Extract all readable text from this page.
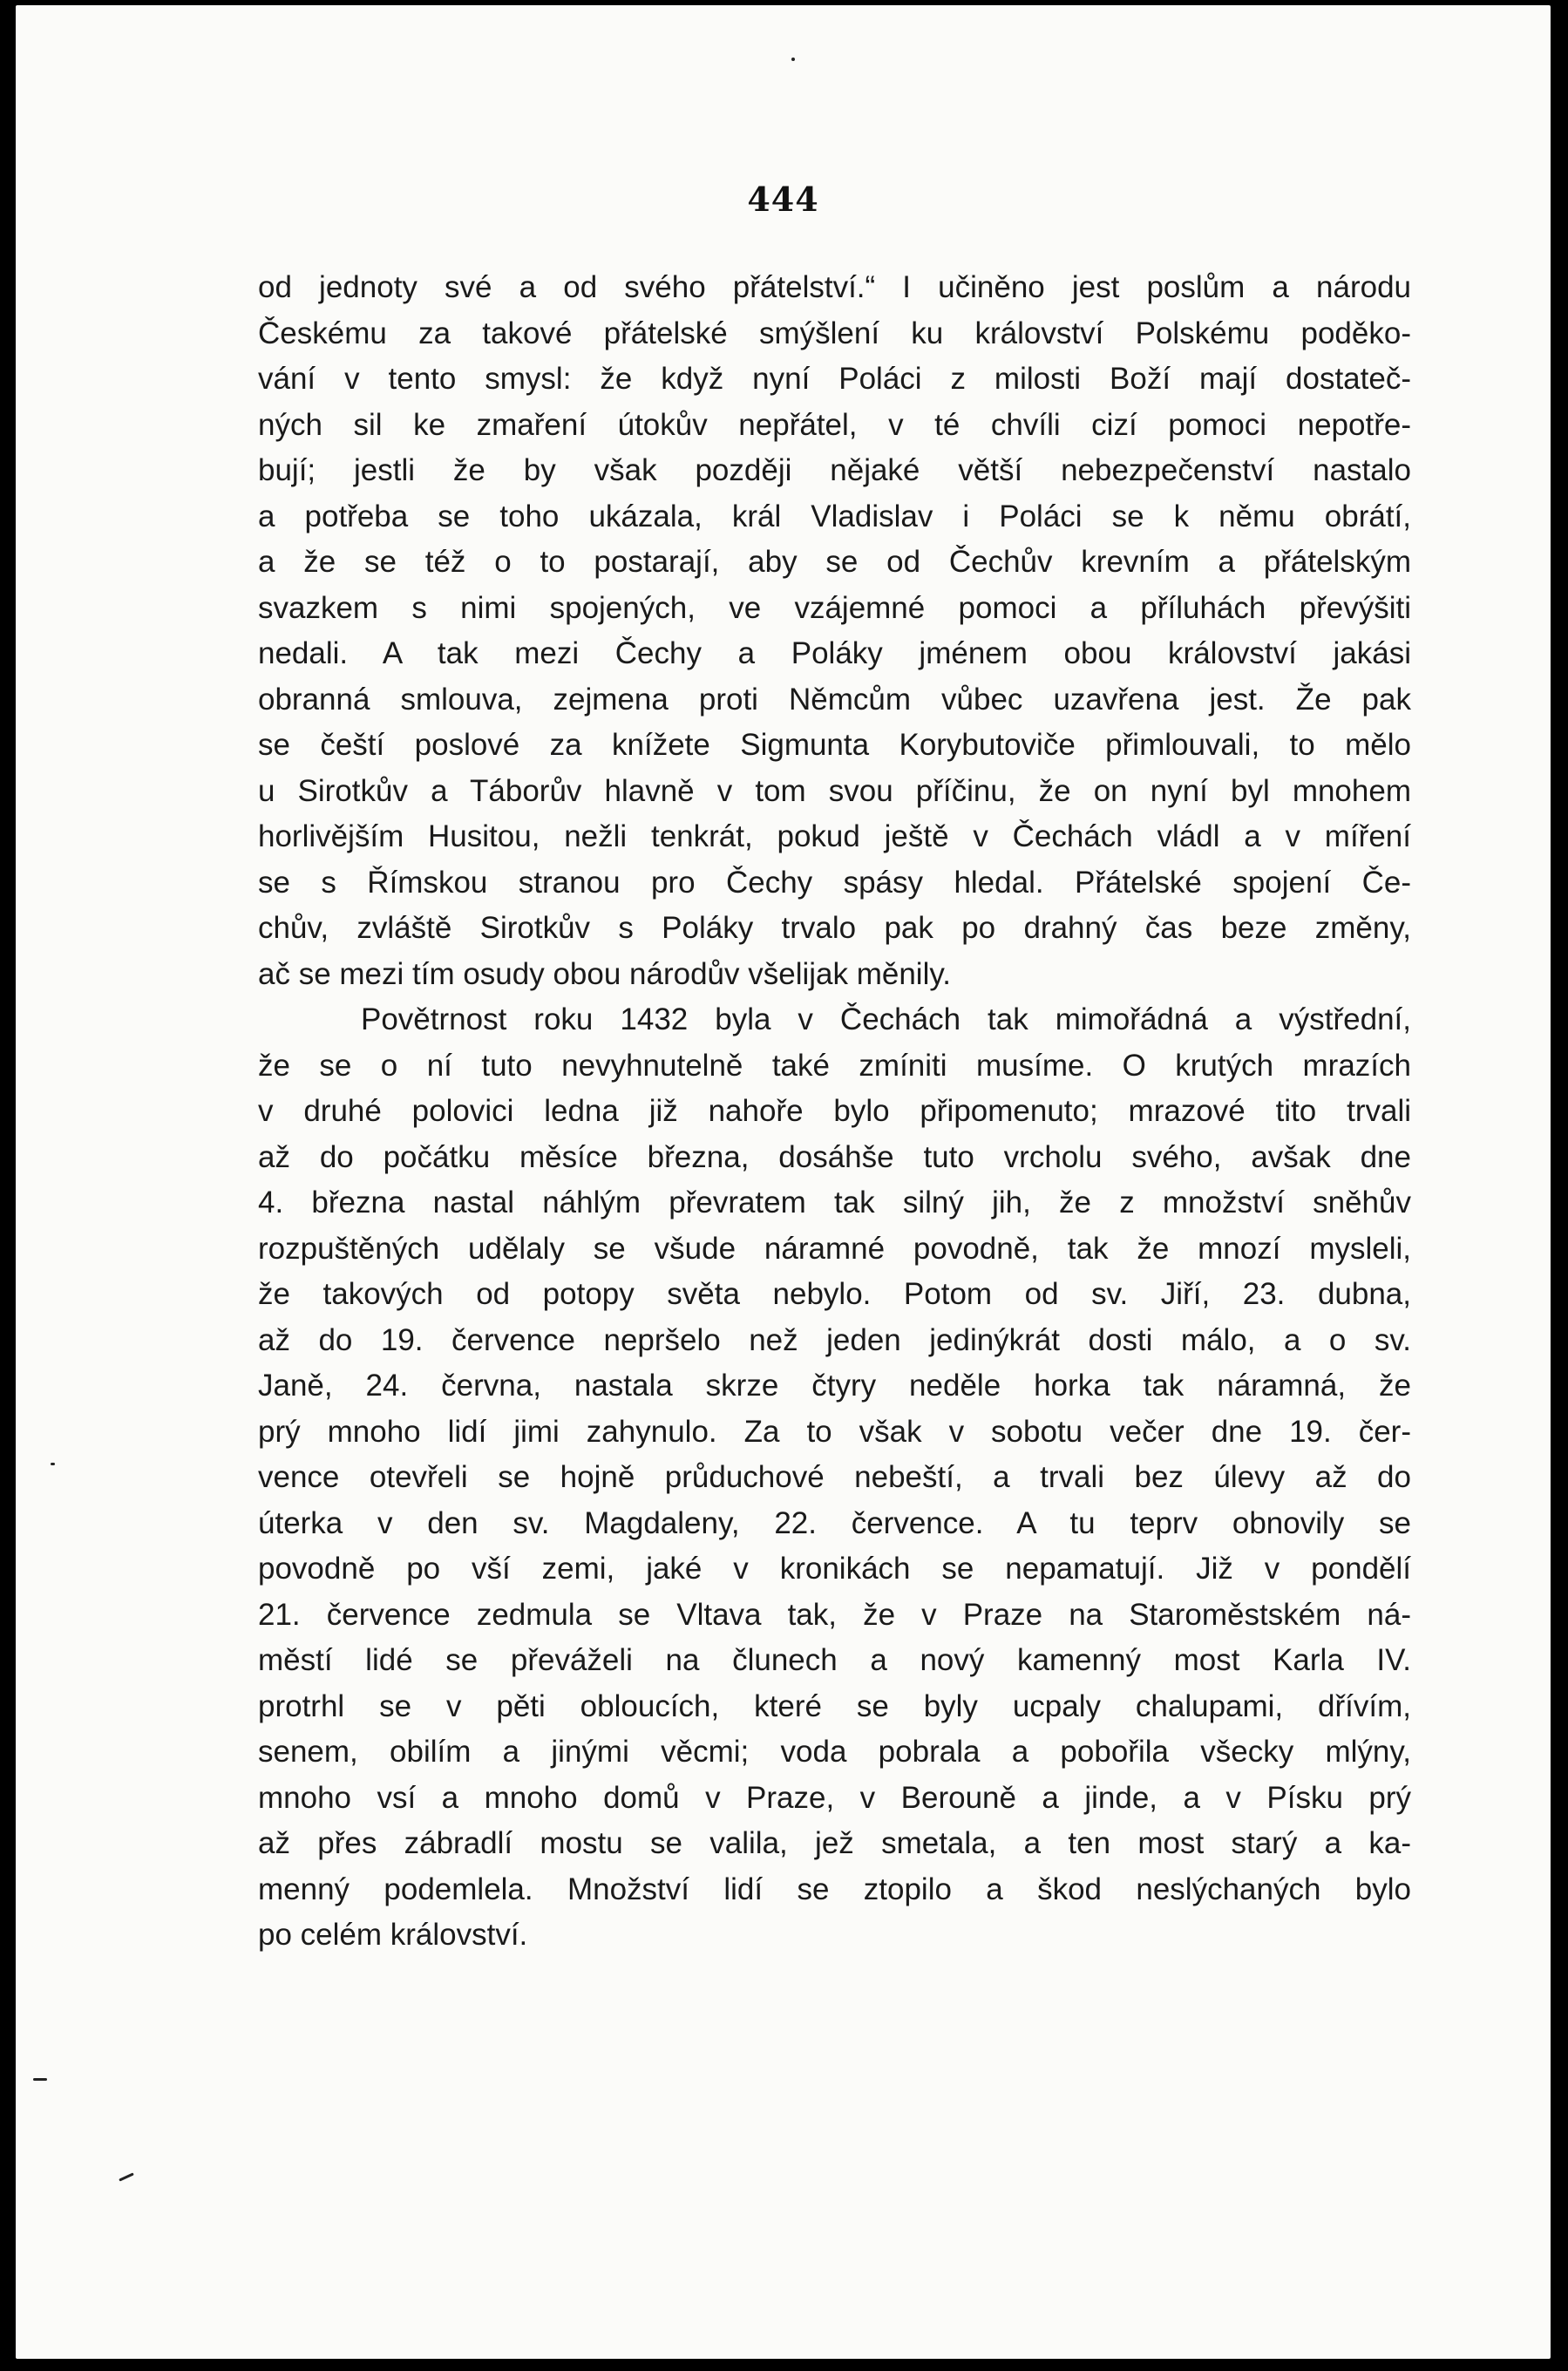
444
od jednoty své a od svého přátelství.“ I učiněno jest poslům a národu
Českému za takové přátelské smýšlení ku království Polskému poděko-
vání v tento smysl: že když nyní Poláci z milosti Boží mají dostateč-
ných sil ke zmaření útokův nepřátel, v té chvíli cizí pomoci nepotře-
bují; jestli že by však později nějaké větší nebezpečenství nastalo
a potřeba se toho ukázala, král Vladislav i Poláci se k němu obrátí,
a že se též o to postarají, aby se od Čechův krevním a přátelským
svazkem s nimi spojených, ve vzájemné pomoci a příluhách převýšiti
nedali. A tak mezi Čechy a Poláky jménem obou království jakási
obranná smlouva, zejmena proti Němcům vůbec uzavřena jest. Že pak
se čeští poslové za knížete Sigmunta Korybutoviče přimlouvali, to mělo
u Sirotkův a Táborův hlavně v tom svou příčinu, že on nyní byl mnohem
horlivějším Husitou, nežli tenkrát, pokud ještě v Čechách vládl a v míření
se s Římskou stranou pro Čechy spásy hledal. Přátelské spojení Če-
chův, zvláště Sirotkův s Poláky trvalo pak po drahný čas beze změny,
ač se mezi tím osudy obou národův všelijak měnily.
Povětrnost roku 1432 byla v Čechách tak mimořádná a výstřední,
že se o ní tuto nevyhnutelně také zmíniti musíme. O krutých mrazích
v druhé polovici ledna již nahoře bylo připomenuto; mrazové tito trvali
až do počátku měsíce března, dosáhše tuto vrcholu svého, avšak dne
4. března nastal náhlým převratem tak silný jih, že z množství sněhův
rozpuštěných udělaly se všude náramné povodně, tak že mnozí mysleli,
že takových od potopy světa nebylo. Potom od sv. Jiří, 23. dubna,
až do 19. července nepršelo než jeden jedinýkrát dosti málo, a o sv.
Janě, 24. června, nastala skrze čtyry neděle horka tak náramná, že
prý mnoho lidí jimi zahynulo. Za to však v sobotu večer dne 19. čer-
vence otevřeli se hojně průduchové nebeští, a trvali bez úlevy až do
úterka v den sv. Magdaleny, 22. července. A tu teprv obnovily se
povodně po vší zemi, jaké v kronikách se nepamatují. Již v pondělí
21. července zedmula se Vltava tak, že v Praze na Staroměstském ná-
městí lidé se převáželi na člunech a nový kamenný most Karla IV.
protrhl se v pěti obloucích, které se byly ucpaly chalupami, dřívím,
senem, obilím a jinými věcmi; voda pobrala a pobořila všecky mlýny,
mnoho vsí a mnoho domů v Praze, v Berouně a jinde, a v Písku prý
až přes zábradlí mostu se valila, jež smetala, a ten most starý a ka-
menný podemlela. Množství lidí se ztopilo a škod neslýchaných bylo
po celém království.
